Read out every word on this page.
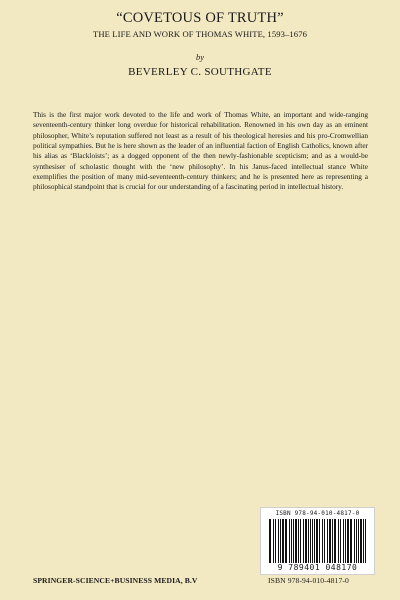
“COVETOUS OF TRUTH”
THE LIFE AND WORK OF THOMAS WHITE, 1593–1676
by
BEVERLEY C. SOUTHGATE

This is the first major work devoted to the life and work of Thomas White, an important and wide-ranging seventeenth-century thinker long overdue for historical rehabilitation. Renowned in his own day as an eminent philosopher, White’s reputation suffered not least as a result of his theological heresies and his pro-Cromwellian political sympathies. But he is here shown as the leader of an influential faction of English Catholics, known after his alias as ‘Blackloists’; as a dogged opponent of the then newly-fashionable scepticism; and as a would-be synthesiser of scholastic thought with the ‘new philosophy’. In his Janus-faced intellectual stance White exemplifies the position of many mid-seventeenth-century thinkers; and he is presented here as representing a philosophical standpoint that is crucial for our understanding of a fascinating period in intellectual history.

ISBN 978-94-010-4817-0
9 789401 048170
SPRINGER-SCIENCE+BUSINESS MEDIA, B.V	ISBN 978-94-010-4817-0
